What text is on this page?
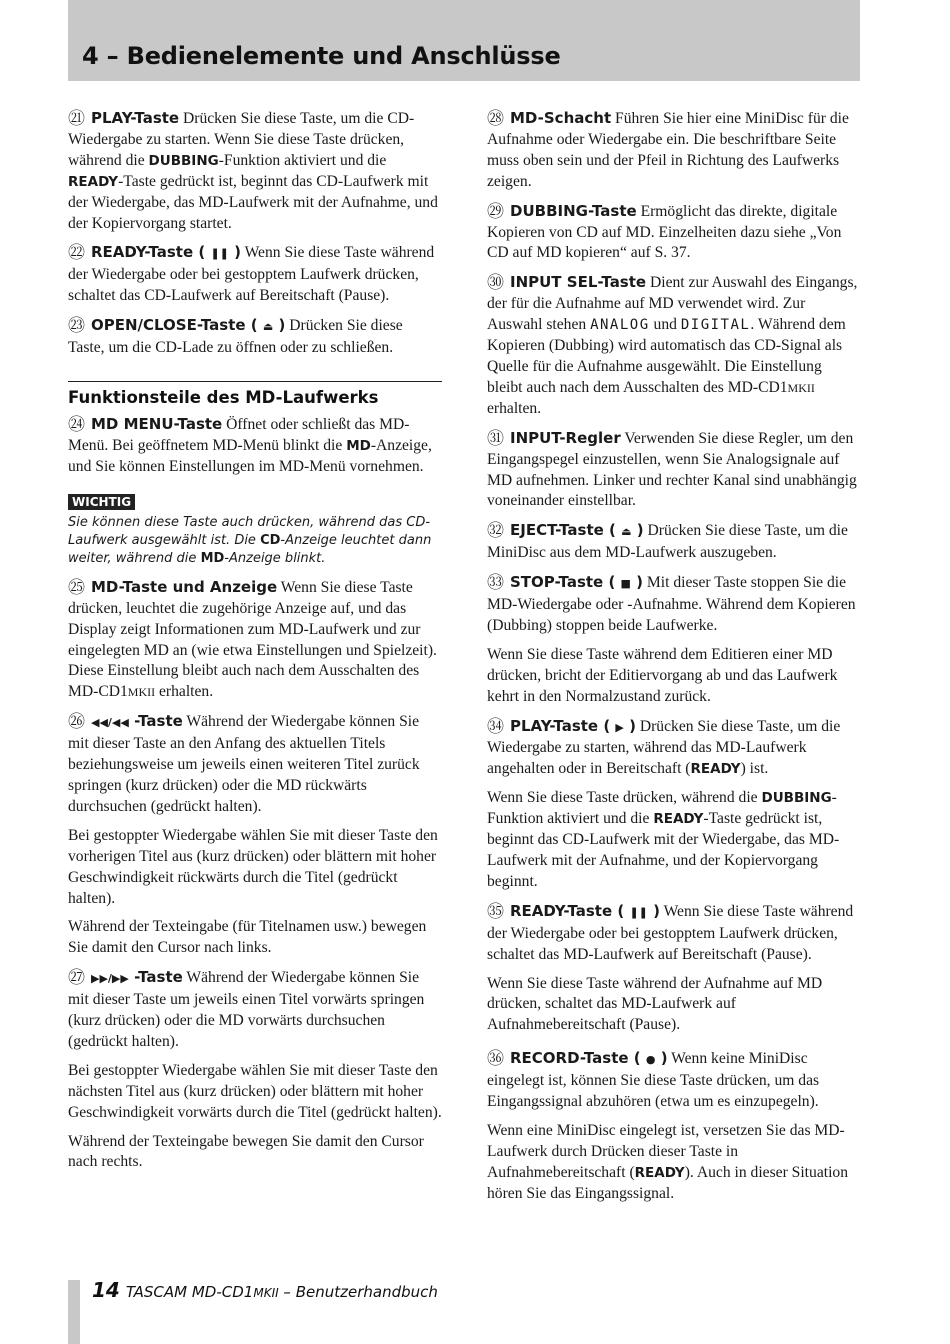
4 – Bedienelemente und Anschlüsse

㉑ PLAY-Taste Drücken Sie diese Taste, um die CD-Wiedergabe zu starten. Wenn Sie diese Taste drücken, während die DUBBING-Funktion aktiviert und die READY-Taste gedrückt ist, beginnt das CD-Laufwerk mit der Wiedergabe, das MD-Laufwerk mit der Aufnahme, und der Kopiervorgang startet.

㉒ READY-Taste ( ❚❚ ) Wenn Sie diese Taste während der Wiedergabe oder bei gestopptem Laufwerk drücken, schaltet das CD-Laufwerk auf Bereitschaft (Pause).

㉓ OPEN/CLOSE-Taste ( ⏏ ) Drücken Sie diese Taste, um die CD-Lade zu öffnen oder zu schließen.

Funktionsteile des MD-Laufwerks

㉔ MD MENU-Taste Öffnet oder schließt das MD-Menü. Bei geöffnetem MD-Menü blinkt die MD-Anzeige, und Sie können Einstellungen im MD-Menü vornehmen.

WICHTIG

Sie können diese Taste auch drücken, während das CD-Laufwerk ausgewählt ist. Die CD-Anzeige leuchtet dann weiter, während die MD-Anzeige blinkt.

㉕ MD-Taste und Anzeige Wenn Sie diese Taste drücken, leuchtet die zugehörige Anzeige auf, und das Display zeigt Informationen zum MD-Laufwerk und zur eingelegten MD an (wie etwa Einstellungen und Spielzeit). Diese Einstellung bleibt auch nach dem Ausschalten des MD-CD1MKII erhalten.

㉖ ◀◀/◀◀ -Taste Während der Wiedergabe können Sie mit dieser Taste an den Anfang des aktuellen Titels beziehungsweise um jeweils einen weiteren Titel zurück springen (kurz drücken) oder die MD rückwärts durchsuchen (gedrückt halten).

Bei gestoppter Wiedergabe wählen Sie mit dieser Taste den vorherigen Titel aus (kurz drücken) oder blättern mit hoher Geschwindigkeit rückwärts durch die Titel (gedrückt halten).

Während der Texteingabe (für Titelnamen usw.) bewegen Sie damit den Cursor nach links.

㉗ ▶▶/▶▶ -Taste Während der Wiedergabe können Sie mit dieser Taste um jeweils einen Titel vorwärts springen (kurz drücken) oder die MD vorwärts durchsuchen (gedrückt halten).

Bei gestoppter Wiedergabe wählen Sie mit dieser Taste den nächsten Titel aus (kurz drücken) oder blättern mit hoher Geschwindigkeit vorwärts durch die Titel (gedrückt halten).

Während der Texteingabe bewegen Sie damit den Cursor nach rechts.

㉘ MD-Schacht Führen Sie hier eine MiniDisc für die Aufnahme oder Wiedergabe ein. Die beschriftbare Seite muss oben sein und der Pfeil in Richtung des Laufwerks zeigen.

㉙ DUBBING-Taste Ermöglicht das direkte, digitale Kopieren von CD auf MD. Einzelheiten dazu siehe „Von CD auf MD kopieren“ auf S. 37.

㉚ INPUT SEL-Taste Dient zur Auswahl des Eingangs, der für die Aufnahme auf MD verwendet wird. Zur Auswahl stehen ANALOG und DIGITAL. Während dem Kopieren (Dubbing) wird automatisch das CD-Signal als Quelle für die Aufnahme ausgewählt. Die Einstellung bleibt auch nach dem Ausschalten des MD-CD1MKII erhalten.

㉛ INPUT-Regler Verwenden Sie diese Regler, um den Eingangspegel einzustellen, wenn Sie Analogsignale auf MD aufnehmen. Linker und rechter Kanal sind unabhängig voneinander einstellbar.

㉜ EJECT-Taste ( ⏏ ) Drücken Sie diese Taste, um die MiniDisc aus dem MD-Laufwerk auszugeben.

㉝ STOP-Taste ( ■ ) Mit dieser Taste stoppen Sie die MD-Wiedergabe oder -Aufnahme. Während dem Kopieren (Dubbing) stoppen beide Laufwerke.

Wenn Sie diese Taste während dem Editieren einer MD drücken, bricht der Editiervorgang ab und das Laufwerk kehrt in den Normalzustand zurück.

㉞ PLAY-Taste ( ▶ ) Drücken Sie diese Taste, um die Wiedergabe zu starten, während das MD-Laufwerk angehalten oder in Bereitschaft (READY) ist.

Wenn Sie diese Taste drücken, während die DUBBING-Funktion aktiviert und die READY-Taste gedrückt ist, beginnt das CD-Laufwerk mit der Wiedergabe, das MD-Laufwerk mit der Aufnahme, und der Kopiervorgang beginnt.

㉟ READY-Taste ( ❚❚ ) Wenn Sie diese Taste während der Wiedergabe oder bei gestopptem Laufwerk drücken, schaltet das MD-Laufwerk auf Bereitschaft (Pause).

Wenn Sie diese Taste während der Aufnahme auf MD drücken, schaltet das MD-Laufwerk auf Aufnahmebereitschaft (Pause).

㊱ RECORD-Taste ( ● ) Wenn keine MiniDisc eingelegt ist, können Sie diese Taste drücken, um das Eingangssignal abzuhören (etwa um es einzupegeln).

Wenn eine MiniDisc eingelegt ist, versetzen Sie das MD-Laufwerk durch Drücken dieser Taste in Aufnahmebereitschaft (READY). Auch in dieser Situation hören Sie das Eingangssignal.

14 TASCAM MD-CD1MKII – Benutzerhandbuch
